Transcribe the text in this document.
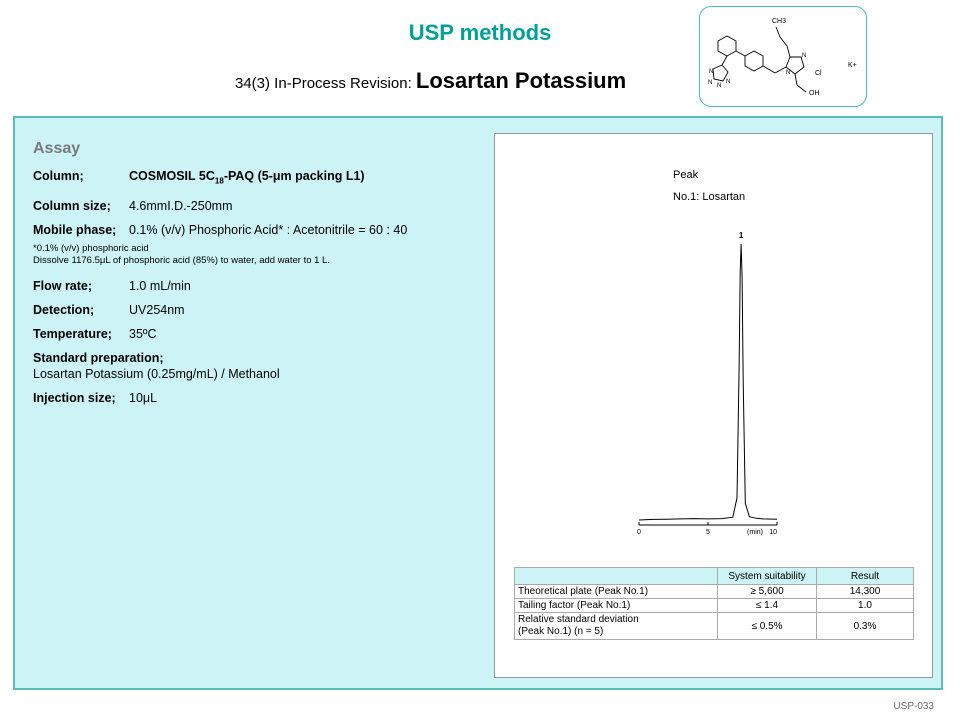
USP methods
34(3) In-Process Revision: Losartan Potassium
CH3
Cl
OH
K+
N
N
N
N N
N
Assay
Column;	COSMOSIL $5C_{18}$-PAQ (5-μm packing L1)
Column size; 4.6mmI.D.-250mm
Mobile phase; 0.1% (v/v) Phosphoric Acid* : Acetonitrile = 60 : 40
*0.1% (v/v) phosphoric acid
Dissolve 1176.5μL of phosphoric acid (85%) to water, add water to 1 L.
Flow rate;	1.0 mL/min
Detection;	UV254nm
Temperature; 35ºC
Standard preparation;
Losartan Potassium (0.25mg/mL) / Methanol
Injection size; 10μL
Peak
No.1: Losartan
0	5	10
(min)
1
	System suitability	Result
Theoretical plate (Peak No.1)	≥ 5,600	14,300
Tailing factor (Peak No.1)	≤ 1.4	1.0

Relative standard deviation
(Peak No.1) (n = 5)	≤ 0.5%	0.3%
USP-033
